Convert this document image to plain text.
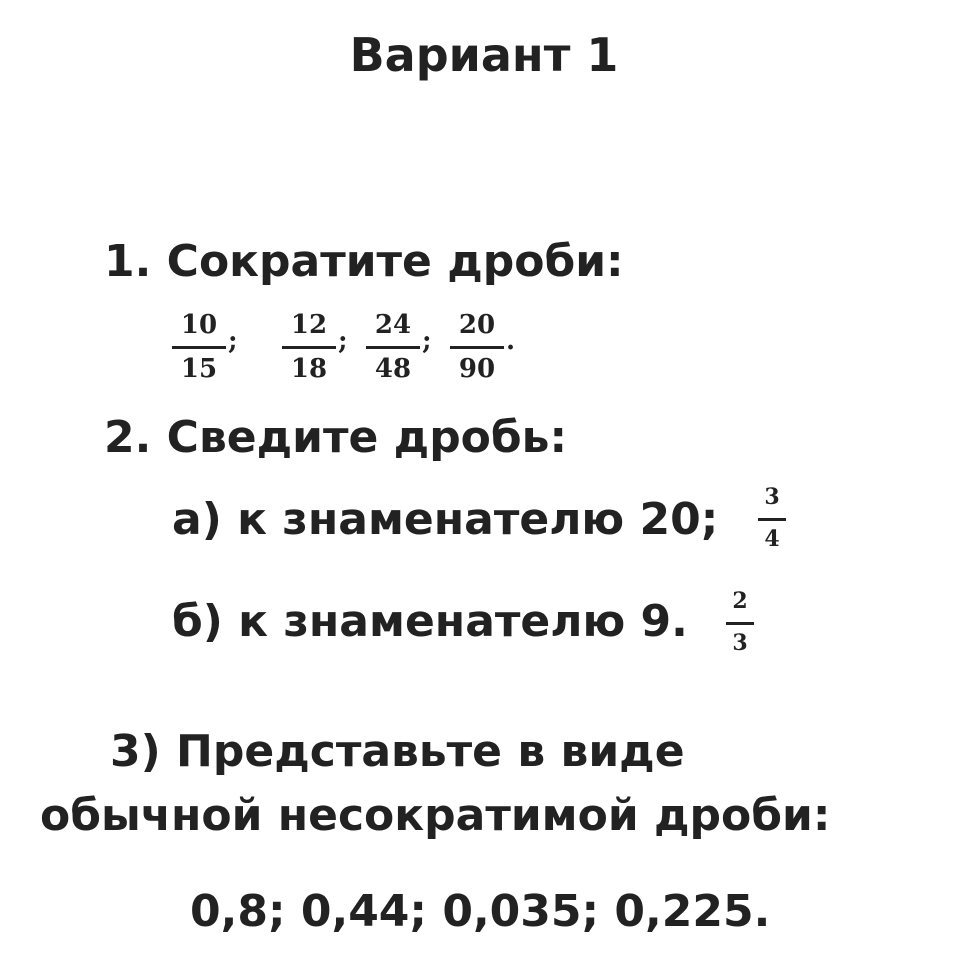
Вариант 1
1. Сократите дроби:
10
15
;
12
18
;
24
48
;
20
90
.
2. Сведите дробь:
а) к знаменателю 20; 3
4
б) к знаменателю 9. 2
3
3) Представьте в виде
обычной несократимой дроби:
0,8; 0,44; 0,035; 0,225.
